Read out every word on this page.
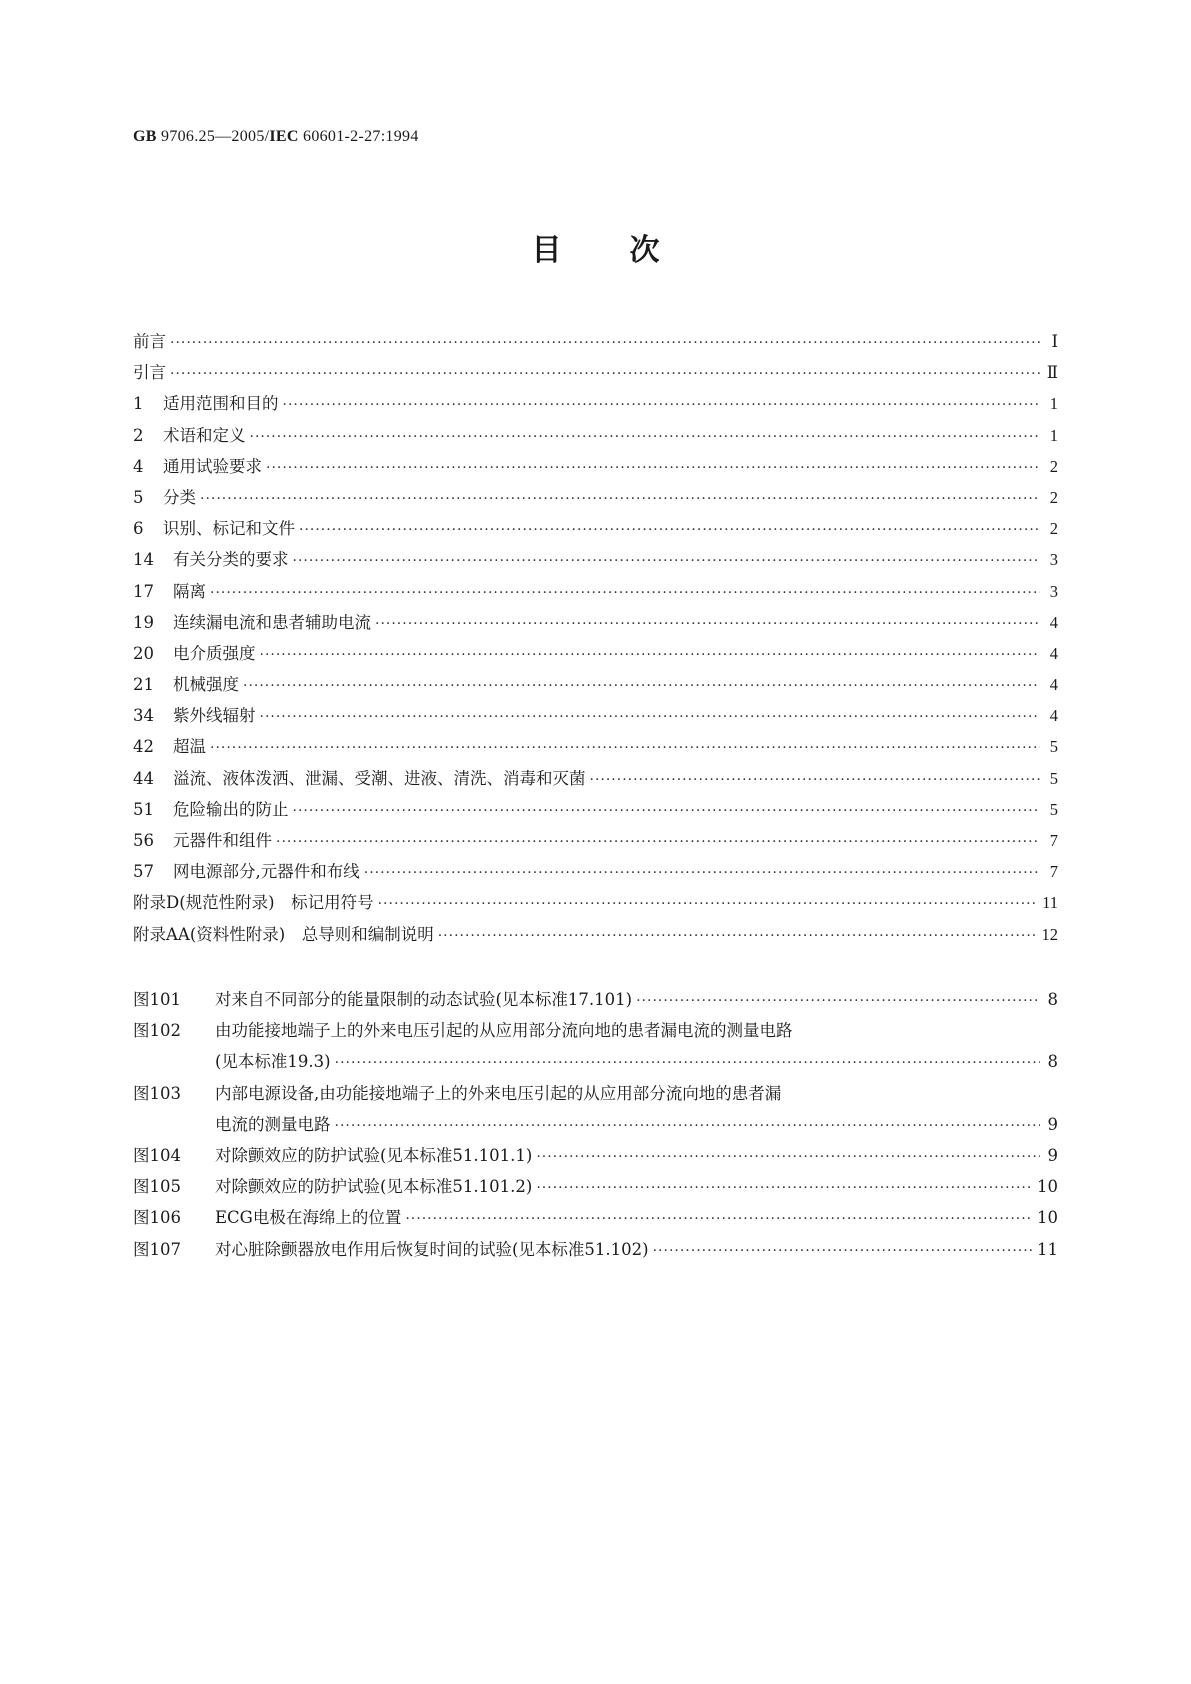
GB 9706.25—2005/IEC 60601-2-27:1994
目 次
前言 ·····	Ⅰ
引言 ·····	Ⅱ
1	适用范围和目的 ·····	1
2	术语和定义 ·····	1
4	通用试验要求 ·····	2
5	分类 ·····	2
6	识别、标记和文件 ·····	2
14	有关分类的要求 ·····	3
17	隔离 ·····	3
19	连续漏电流和患者辅助电流 ·····	4
20	电介质强度 ·····	4
21	机械强度 ·····	4
34	紫外线辐射 ·····	4
42	超温 ·····	5
44	溢流、液体泼洒、泄漏、受潮、进液、清洗、消毒和灭菌 ·····	5
51	危险输出的防止 ·····	5
56	元器件和组件 ·····	7
57	网电源部分,元器件和布线 ·····	7
附录D(规范性附录)　标记用符号 ·····	11
附录AA(资料性附录)　总导则和编制说明 ·····	12
图101	对来自不同部分的能量限制的动态试验(见本标准17.101) ·····	8
图102	由功能接地端子上的外来电压引起的从应用部分流向地的患者漏电流的测量电路
(见本标准19.3) ·····	8
图103	内部电源设备,由功能接地端子上的外来电压引起的从应用部分流向地的患者漏
电流的测量电路 ·····	9
图104	对除颤效应的防护试验(见本标准51.101.1) ·····	9
图105	对除颤效应的防护试验(见本标准51.101.2) ·····	10
图106	ECG电极在海绵上的位置 ·····	10
图107	对心脏除颤器放电作用后恢复时间的试验(见本标准51.102) ·····	11
